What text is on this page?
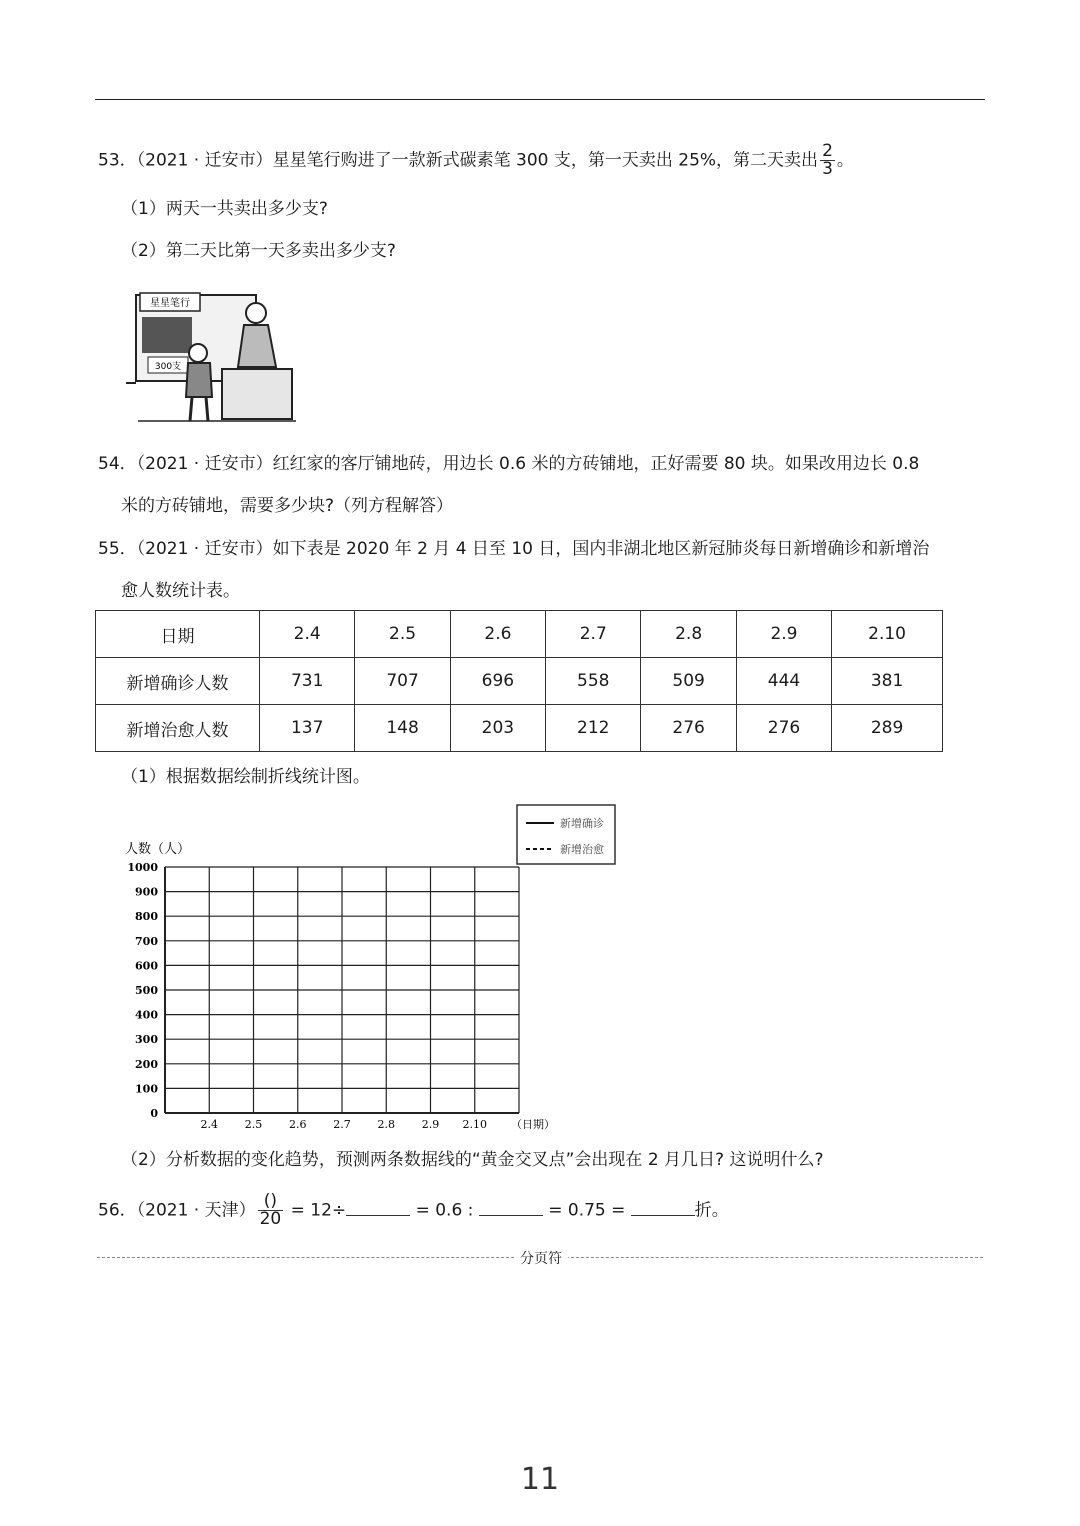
53．（2021 · 迁安市）星星笔行购进了一款新式碳素笔 300 支，第一天卖出 25%，第二天卖出 $\frac{2}{3}$ 。
（1）两天一共卖出多少支?
（2）第二天比第一天多卖出多少支?
星星笔行
300支
54．（2021 · 迁安市）红红家的客厅铺地砖，用边长 0.6 米的方砖铺地，正好需要 80 块。如果改用边长 0.8
米的方砖铺地，需要多少块?（列方程解答）
55．（2021 · 迁安市）如下表是 2020 年 2 月 4 日至 10 日，国内非湖北地区新冠肺炎每日新增确诊和新增治
愈人数统计表。
日期	2.4	2.5	2.6	2.7	2.8	2.9	2.10
新增确诊人数	731	707	696	558	509	444	381
新增治愈人数	137	148	203	212	276	276	289
（1）根据数据绘制折线统计图。
0
100
200
300
400
500
600
700
800
900
1000
2.4 2.5 2.6 2.7 2.8 2.9 2.10 （日期）
人数（人）
新增确诊
新增治愈
（2）分析数据的变化趋势，预测两条数据线的“黄金交叉点”会出现在 2 月几日? 这说明什么?
56．（2021 · 天津） $\frac{()}{20} = 12\div$	= 0.6 :	= 0.75 =	折。
分页符
11
